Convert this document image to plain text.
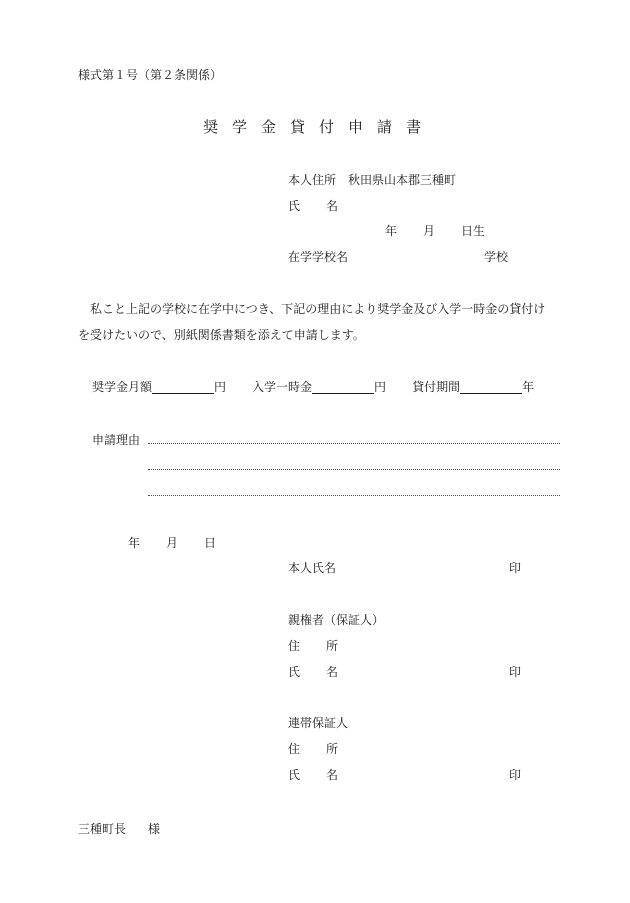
様式第１号（第２条関係）
奨学金貸付申請書
本人住所 秋田県山本郡三種町
氏 名
年 月 日生
在学学校名	学校
私こと上記の学校に在学中につき、下記の理由により奨学金及び入学一時金の貸付け
を受けたいので、別紙関係書類を添えて申請します。
奨学金月額	円 入学一時金	円 貸付期間	年
申請理由
年 月 日
本人氏名	印
親権者（保証人）
住 所
氏 名	印
連帯保証人
住 所
氏 名	印
三種町長 様
